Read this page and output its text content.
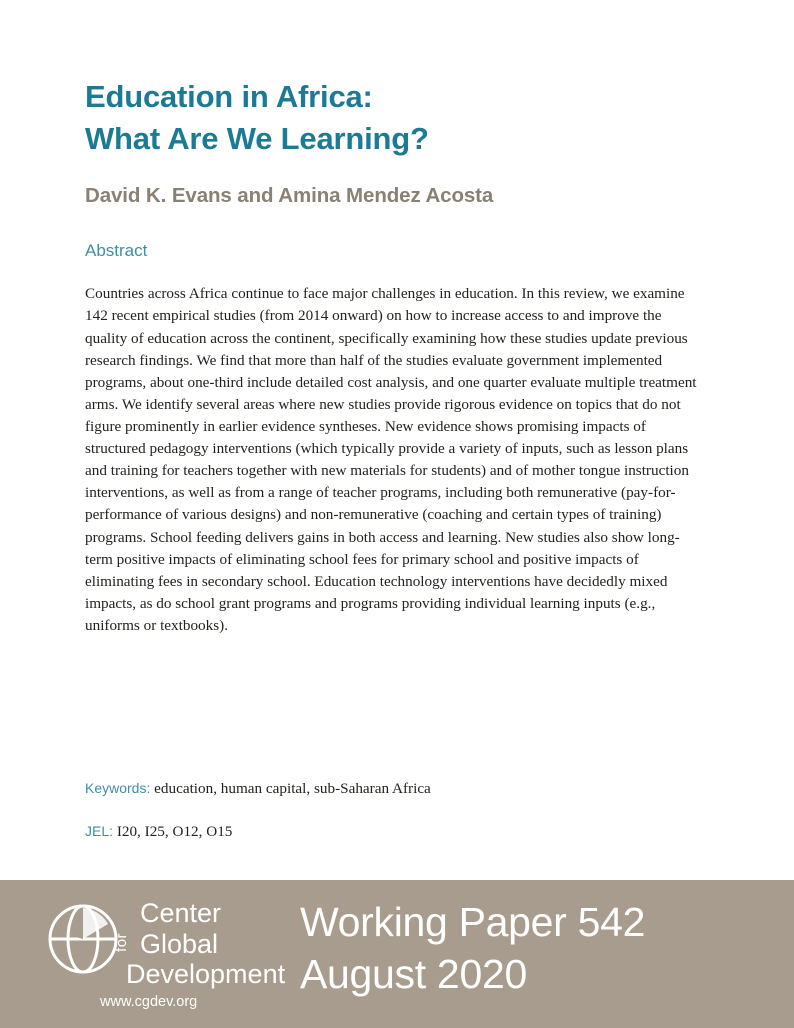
Education in Africa:
What Are We Learning?

David K. Evans and Amina Mendez Acosta

Abstract

Countries across Africa continue to face major challenges in education. In this review, we examine 142 recent empirical studies (from 2014 onward) on how to increase access to and improve the quality of education across the continent, specifically examining how these studies update previous research findings. We find that more than half of the studies evaluate government implemented programs, about one-third include detailed cost analysis, and one quarter evaluate multiple treatment arms. We identify several areas where new studies provide rigorous evidence on topics that do not figure prominently in earlier evidence syntheses. New evidence shows promising impacts of structured pedagogy interventions (which typically provide a variety of inputs, such as lesson plans and training for teachers together with new materials for students) and of mother tongue instruction interventions, as well as from a range of teacher programs, including both remunerative (pay-for-performance of various designs) and non-remunerative (coaching and certain types of training) programs. School feeding delivers gains in both access and learning. New studies also show long-term positive impacts of eliminating school fees for primary school and positive impacts of eliminating fees in secondary school. Education technology interventions have decidedly mixed impacts, as do school grant programs and programs providing individual learning inputs (e.g., uniforms or textbooks).

Keywords: education, human capital, sub-Saharan Africa

JEL: I20, I25, O12, O15

Center
for Global
Development
www.cgdev.org
Working Paper 542
August 2020
